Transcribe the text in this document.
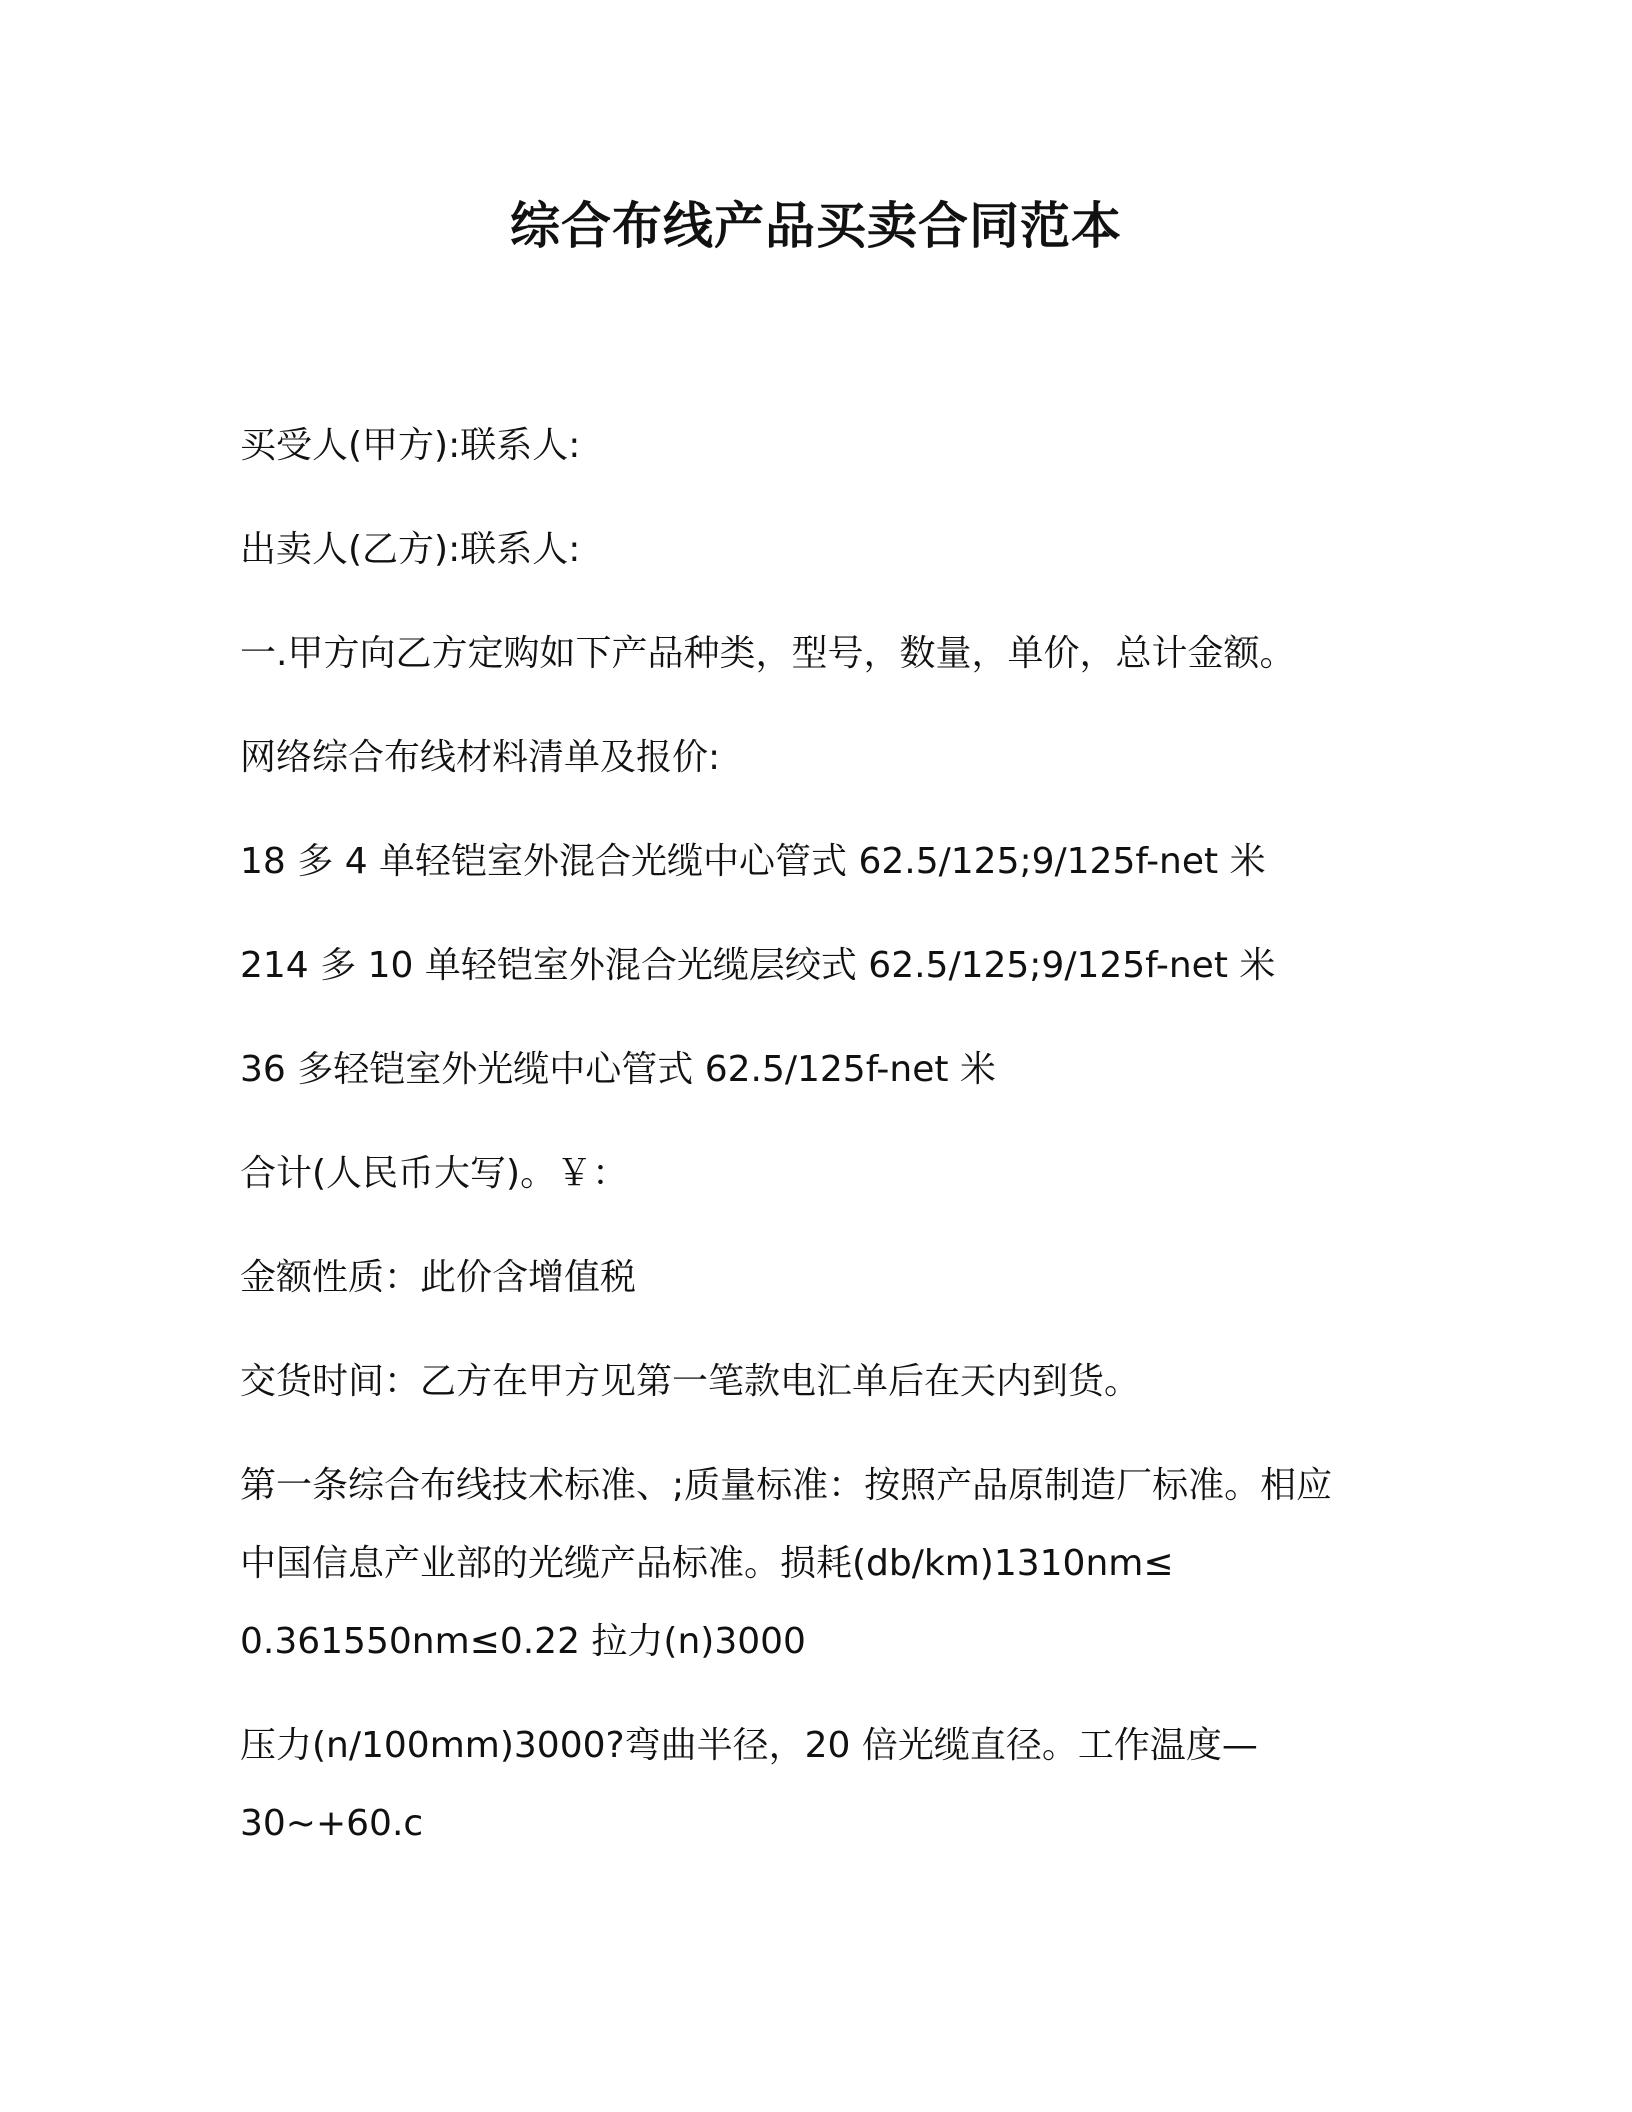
综合布线产品买卖合同范本
买受人(甲方):联系人:
出卖人(乙方):联系人:
一.甲方向乙方定购如下产品种类，型号，数量，单价，总计金额。
网络综合布线材料清单及报价:
18 多 4 单轻铠室外混合光缆中心管式 62.5/125;9/125f-net 米
214 多 10 单轻铠室外混合光缆层绞式 62.5/125;9/125f-net 米
36 多轻铠室外光缆中心管式 62.5/125f-net 米
合计(人民币大写)。￥：
金额性质：此价含增值税
交货时间：乙方在甲方见第一笔款电汇单后在天内到货。
第一条综合布线技术标准、;质量标准：按照产品原制造厂标准。相应
中国信息产业部的光缆产品标准。损耗(db/km)1310nm≤
0.361550nm≤0.22 拉力(n)3000
压力(n/100mm)3000?弯曲半径，20 倍光缆直径。工作温度—
30~+60.c
